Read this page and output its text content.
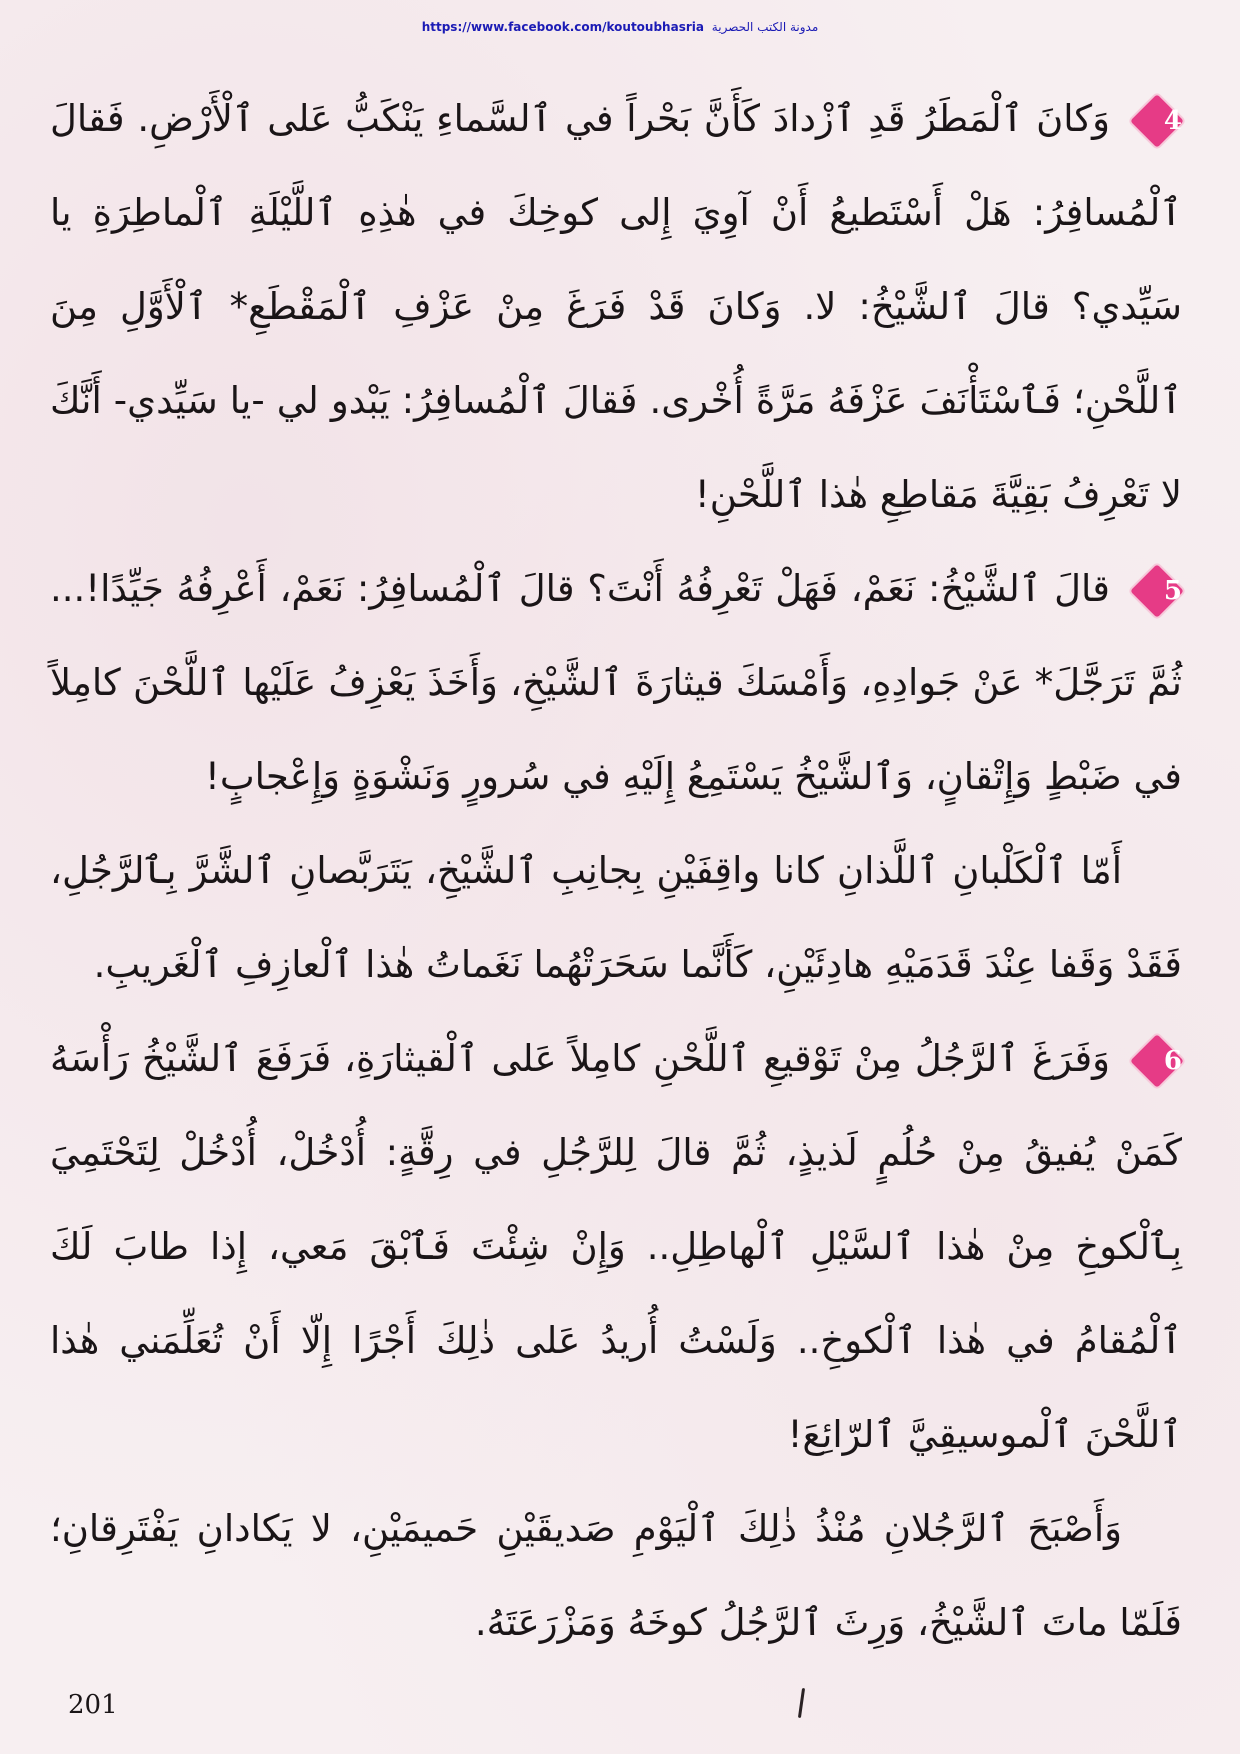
مدونة الكتب الحصرية https://www.facebook.com/koutoubhasria

4
وَكانَ ٱلْمَطَرُ قَدِ ٱزْدادَ كَأَنَّ بَحْراً في ٱلسَّماءِ يَنْكَبُّ عَلى ٱلْأَرْضِ. فَقالَ ٱلْمُسافِرُ: هَلْ أَسْتَطيعُ أَنْ آوِيَ إِلى كوخِكَ في هٰذِهِ ٱللَّيْلَةِ ٱلْماطِرَةِ يا سَيِّدي؟ قالَ ٱلشَّيْخُ: لا. وَكانَ قَدْ فَرَغَ مِنْ عَزْفِ ٱلْمَقْطَعِ* ٱلْأَوَّلِ مِنَ ٱللَّحْنِ؛ فَٱسْتَأْنَفَ عَزْفَهُ مَرَّةً أُخْرى. فَقالَ ٱلْمُسافِرُ: يَبْدو لي -يا سَيِّدي- أَنَّكَ لا تَعْرِفُ بَقِيَّةَ مَقاطِعِ هٰذا ٱللَّحْنِ!

5
قالَ ٱلشَّيْخُ: نَعَمْ، فَهَلْ تَعْرِفُهُ أَنْتَ؟ قالَ ٱلْمُسافِرُ: نَعَمْ، أَعْرِفُهُ جَيِّدًا!... ثُمَّ تَرَجَّلَ* عَنْ جَوادِهِ، وَأَمْسَكَ قيثارَةَ ٱلشَّيْخِ، وَأَخَذَ يَعْزِفُ عَلَيْها ٱللَّحْنَ كامِلاً في ضَبْطٍ وَإِتْقانٍ، وَٱلشَّيْخُ يَسْتَمِعُ إِلَيْهِ في سُرورٍ وَنَشْوَةٍ وَإِعْجابٍ!

أَمّا ٱلْكَلْبانِ ٱللَّذانِ كانا واقِفَيْنِ بِجانِبِ ٱلشَّيْخِ، يَتَرَبَّصانِ ٱلشَّرَّ بِٱلرَّجُلِ، فَقَدْ وَقَفا عِنْدَ قَدَمَيْهِ هادِئَيْنِ، كَأَنَّما سَحَرَتْهُما نَغَماتُ هٰذا ٱلْعازِفِ ٱلْغَريبِ.

6
وَفَرَغَ ٱلرَّجُلُ مِنْ تَوْقيعِ ٱللَّحْنِ كامِلاً عَلى ٱلْقيثارَةِ، فَرَفَعَ ٱلشَّيْخُ رَأْسَهُ كَمَنْ يُفيقُ مِنْ حُلُمٍ لَذيذٍ، ثُمَّ قالَ لِلرَّجُلِ في رِقَّةٍ: أُدْخُلْ، أُدْخُلْ لِتَحْتَمِيَ بِٱلْكوخِ مِنْ هٰذا ٱلسَّيْلِ ٱلْهاطِلِ.. وَإِنْ شِئْتَ فَٱبْقَ مَعي، إِذا طابَ لَكَ ٱلْمُقامُ في هٰذا ٱلْكوخِ.. وَلَسْتُ أُريدُ عَلى ذٰلِكَ أَجْرًا إِلّا أَنْ تُعَلِّمَني هٰذا ٱللَّحْنَ ٱلْموسيقِيَّ ٱلرّائِعَ!

وَأَصْبَحَ ٱلرَّجُلانِ مُنْذُ ذٰلِكَ ٱلْيَوْمِ صَديقَيْنِ حَميمَيْنِ، لا يَكادانِ يَفْتَرِقانِ؛ فَلَمّا ماتَ ٱلشَّيْخُ، وَرِثَ ٱلرَّجُلُ كوخَهُ وَمَزْرَعَتَهُ.

201
